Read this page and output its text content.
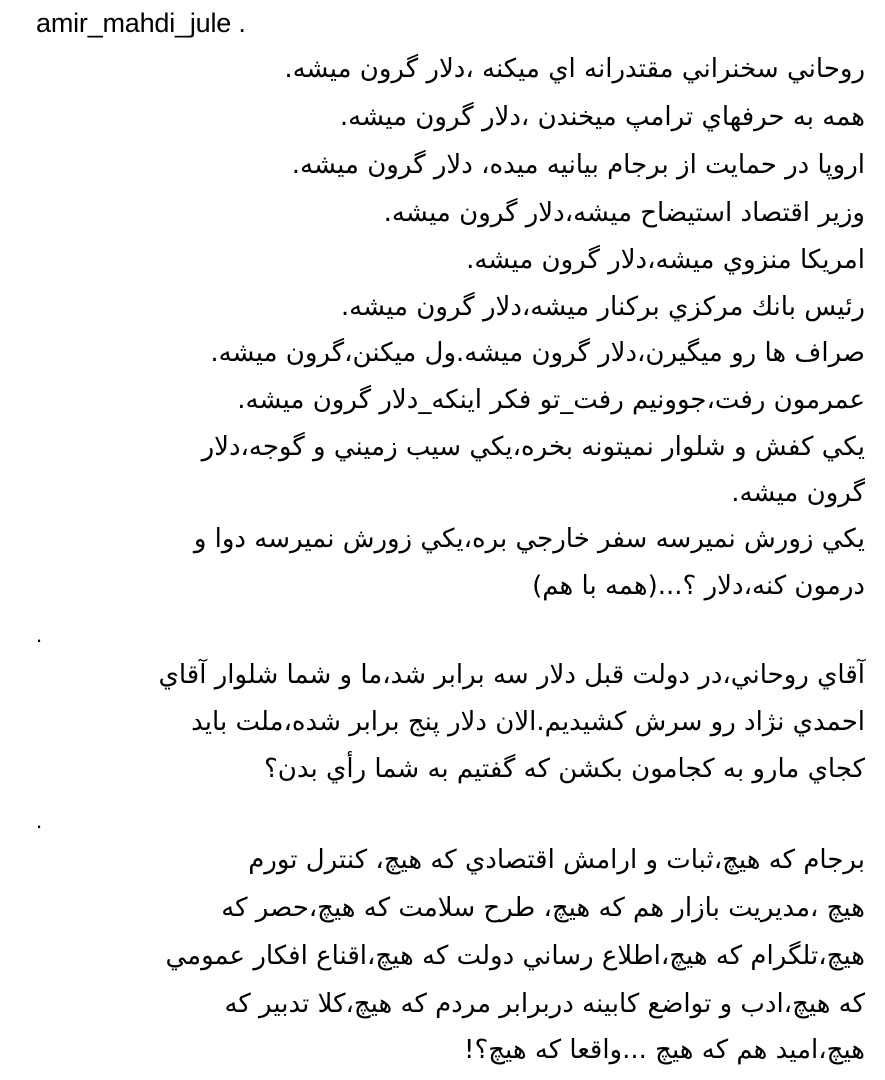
amir_mahdi_jule .
روحاني سخنراني مقتدرانه اي ميكنه ،دلار گرون ميشه.
همه به حرفهاي ترامپ ميخندن ،دلار گرون ميشه.
اروپا در حمايت از برجام بيانيه ميده، دلار گرون ميشه.
وزير اقتصاد استيضاح ميشه،دلار گرون ميشه.
امريكا منزوي ميشه،دلار گرون ميشه.
رئيس بانك مركزي بركنار ميشه،دلار گرون ميشه.
صراف ها رو ميگيرن،دلار گرون ميشه.ول ميكنن،گرون ميشه.
عمرمون رفت،جوونيم رفت_تو فكر اينكه_دلار گرون ميشه.
يكي كفش و شلوار نميتونه بخره،يكي سيب زميني و گوجه،دلار
گرون ميشه.
يكي زورش نميرسه سفر خارجي بره،يكي زورش نميرسه دوا و
درمون كنه،دلار ؟...(همه با هم)
.
آقاي روحاني،در دولت قبل دلار سه برابر شد،ما و شما شلوار آقاي
احمدي نژاد رو سرش كشيديم.الان دلار پنج برابر شده،ملت بايد
كجاي مارو به كجامون بكشن كه گفتيم به شما رأي بدن؟
.
برجام كه هيچ،ثبات و ارامش اقتصادي كه هيچ، كنترل تورم
هيچ ،مديريت بازار هم كه هيچ، طرح سلامت كه هيچ،حصر كه
هيچ،تلگرام كه هيچ،اطلاع رساني دولت كه هيچ،اقناع افكار عمومي
كه هيچ،ادب و تواضع كابينه دربرابر مردم كه هيچ،كلا تدبير كه
هيچ،اميد هم كه هيچ ...واقعا كه هيچ؟!
